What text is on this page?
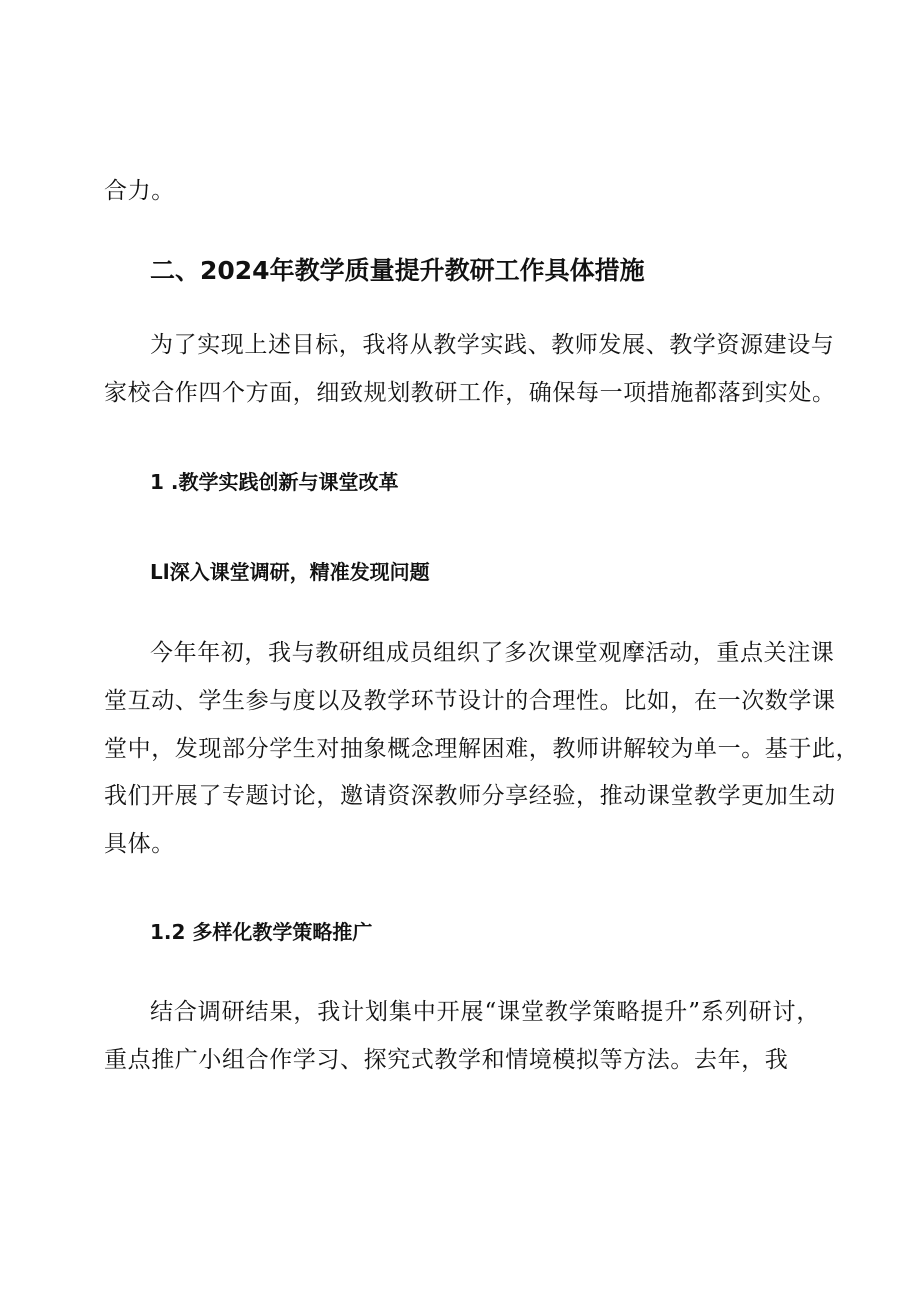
合力。
二、2024年教学质量提升教研工作具体措施
为了实现上述目标，我将从教学实践、教师发展、教学资源建设与
家校合作四个方面，细致规划教研工作，确保每一项措施都落到实处。
1 .教学实践创新与课堂改革
Ll深入课堂调研，精准发现问题
今年年初，我与教研组成员组织了多次课堂观摩活动，重点关注课
堂互动、学生参与度以及教学环节设计的合理性。比如，在一次数学课
堂中，发现部分学生对抽象概念理解困难，教师讲解较为单一。基于此，
我们开展了专题讨论，邀请资深教师分享经验，推动课堂教学更加生动
具体。
1.2 多样化教学策略推广
结合调研结果，我计划集中开展“课堂教学策略提升”系列研讨，
重点推广小组合作学习、探究式教学和情境模拟等方法。去年，我
